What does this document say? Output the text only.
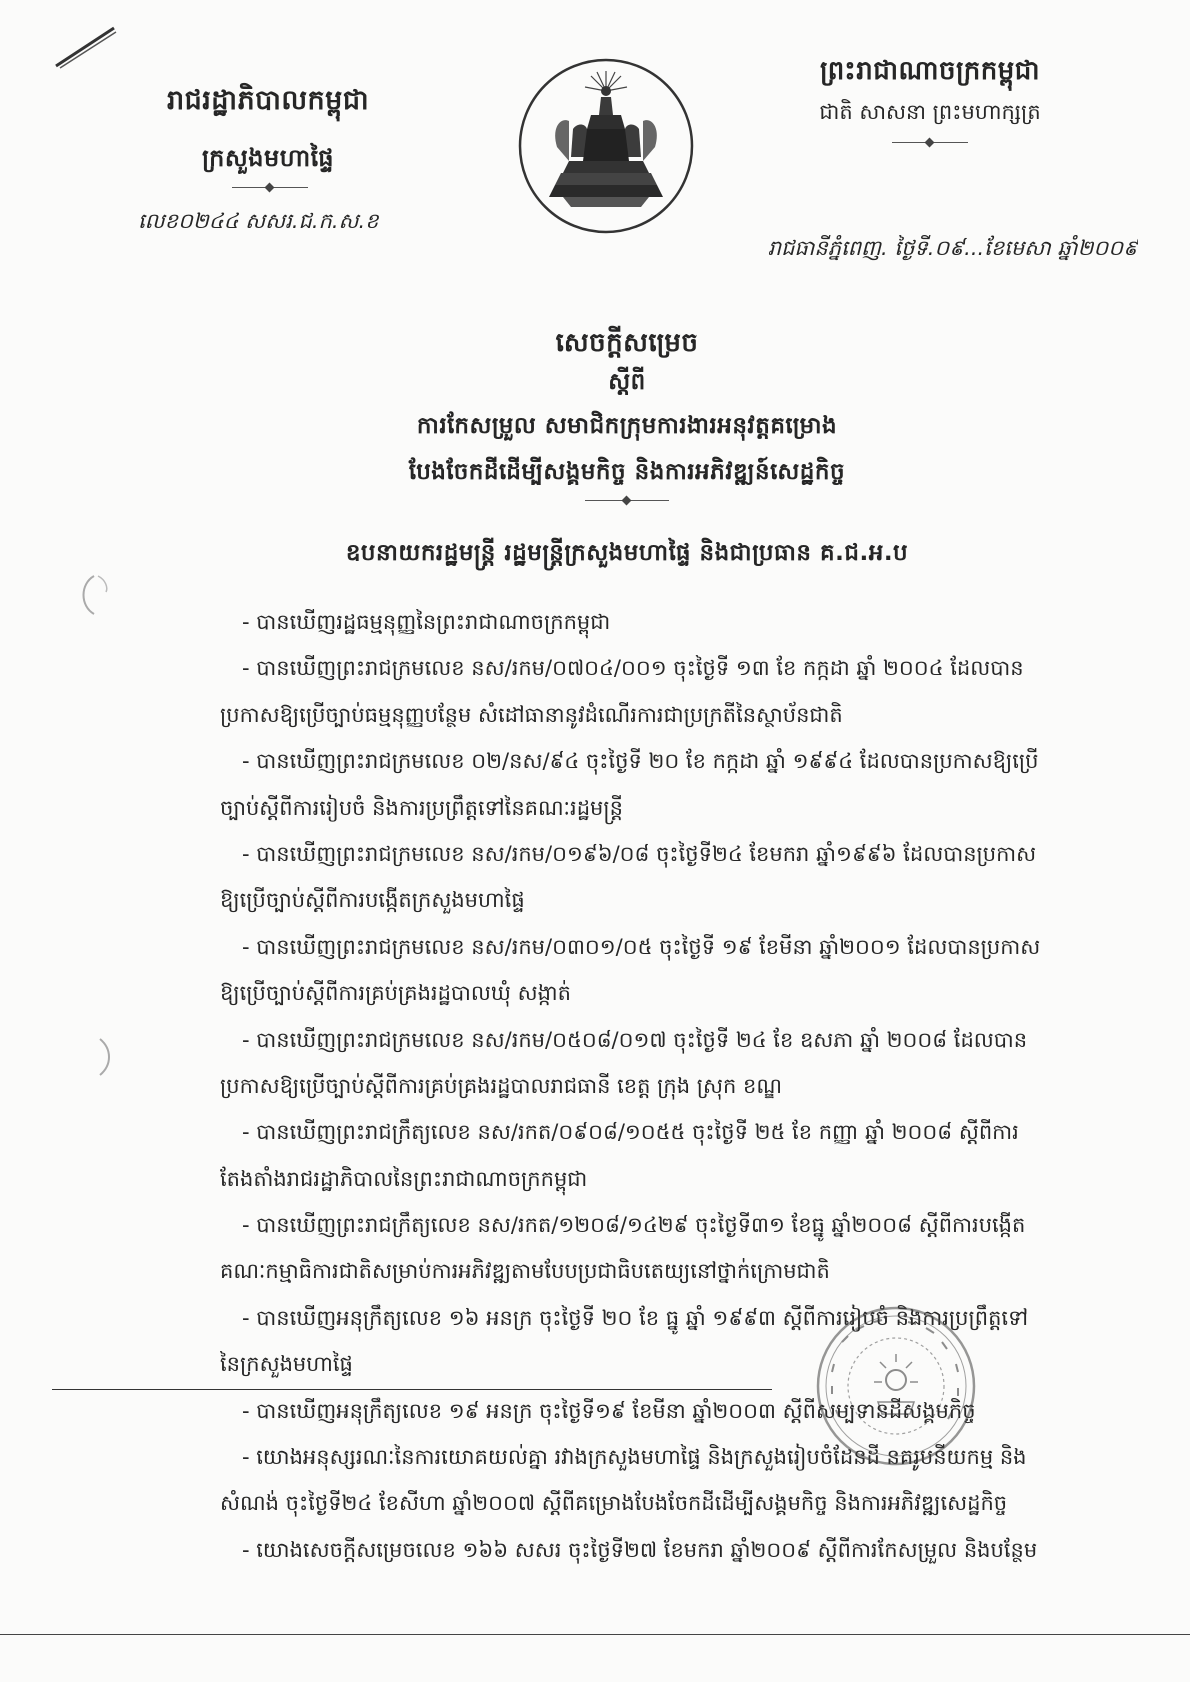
រាជរដ្ឋាភិបាលកម្ពុជា
ក្រសួងមហាផ្ទៃ
លេខ០២៤៤ សសរ.ជ.ក.ស.ខ
ព្រះរាជាណាចក្រកម្ពុជា
ជាតិ សាសនា ព្រះមហាក្សត្រ
រាជធានីភ្នំពេញ. ថ្ងៃទី.០៩...ខែមេសា ឆ្នាំ២០០៩
សេចក្តីសម្រេច
ស្តីពី
ការកែសម្រួល សមាជិកក្រុមការងារអនុវត្តគម្រោង
បែងចែកដីដើម្បីសង្គមកិច្ច និងការអភិវឌ្ឍន៍សេដ្ឋកិច្ច
ឧបនាយករដ្ឋមន្ត្រី រដ្ឋមន្ត្រីក្រសួងមហាផ្ទៃ និងជាប្រធាន គ.ជ.អ.ប
- បានឃើញរដ្ឋធម្មនុញ្ញនៃព្រះរាជាណាចក្រកម្ពុជា
- បានឃើញព្រះរាជក្រមលេខ នស/រកម/០៧០៤/០០១ ចុះថ្ងៃទី ១៣ ខែ កក្កដា ឆ្នាំ ២០០៤ ដែលបាន
ប្រកាសឱ្យប្រើច្បាប់ធម្មនុញ្ញបន្ថែម សំដៅធានានូវដំណើរការជាប្រក្រតីនៃស្ថាប័នជាតិ
- បានឃើញព្រះរាជក្រមលេខ ០២/នស/៩៤ ចុះថ្ងៃទី ២០ ខែ កក្កដា ឆ្នាំ ១៩៩៤ ដែលបានប្រកាសឱ្យប្រើ
ច្បាប់ស្តីពីការរៀបចំ និងការប្រព្រឹត្តទៅនៃគណៈរដ្ឋមន្ត្រី
- បានឃើញព្រះរាជក្រមលេខ នស/រកម/០១៩៦/០៨ ចុះថ្ងៃទី២៤ ខែមករា ឆ្នាំ១៩៩៦ ដែលបានប្រកាស
ឱ្យប្រើច្បាប់ស្តីពីការបង្កើតក្រសួងមហាផ្ទៃ
- បានឃើញព្រះរាជក្រមលេខ នស/រកម/០៣០១/០៥ ចុះថ្ងៃទី ១៩ ខែមីនា ឆ្នាំ២០០១ ដែលបានប្រកាស
ឱ្យប្រើច្បាប់ស្តីពីការគ្រប់គ្រងរដ្ឋបាលឃុំ សង្កាត់
- បានឃើញព្រះរាជក្រមលេខ នស/រកម/០៥០៨/០១៧ ចុះថ្ងៃទី ២៤ ខែ ឧសភា ឆ្នាំ ២០០៨ ដែលបាន
ប្រកាសឱ្យប្រើច្បាប់ស្តីពីការគ្រប់គ្រងរដ្ឋបាលរាជធានី ខេត្ត ក្រុង ស្រុក ខណ្ឌ
- បានឃើញព្រះរាជក្រឹត្យលេខ នស/រកត/០៩០៨/១០៥៥ ចុះថ្ងៃទី ២៥ ខែ កញ្ញា ឆ្នាំ ២០០៨ ស្តីពីការ
តែងតាំងរាជរដ្ឋាភិបាលនៃព្រះរាជាណាចក្រកម្ពុជា
- បានឃើញព្រះរាជក្រឹត្យលេខ នស/រកត/១២០៨/១៤២៩ ចុះថ្ងៃទី៣១ ខែធ្នូ ឆ្នាំ២០០៨ ស្តីពីការបង្កើត
គណៈកម្មាធិការជាតិសម្រាប់ការអភិវឌ្ឍតាមបែបប្រជាធិបតេយ្យនៅថ្នាក់ក្រោមជាតិ
- បានឃើញអនុក្រឹត្យលេខ ១៦ អនក្រ ចុះថ្ងៃទី ២០ ខែ ធ្នូ ឆ្នាំ ១៩៩៣ ស្តីពីការរៀបចំ និងការប្រព្រឹត្តទៅ
នៃក្រសួងមហាផ្ទៃ
- បានឃើញអនុក្រឹត្យលេខ ១៩ អនក្រ ចុះថ្ងៃទី១៩ ខែមីនា ឆ្នាំ២០០៣ ស្តីពីសម្បទានដីសង្គមកិច្ច
- យោងអនុស្សរណៈនៃការយោគយល់គ្នា រវាងក្រសួងមហាផ្ទៃ និងក្រសួងរៀបចំដែនដី នគរូបនីយកម្ម និង
សំណង់ ចុះថ្ងៃទី២៤ ខែសីហា ឆ្នាំ២០០៧ ស្តីពីគម្រោងបែងចែកដីដើម្បីសង្គមកិច្ច និងការអភិវឌ្ឍសេដ្ឋកិច្ច
- យោងសេចក្តីសម្រេចលេខ ១៦៦ សសរ ចុះថ្ងៃទី២៧ ខែមករា ឆ្នាំ២០០៩ ស្តីពីការកែសម្រួល និងបន្ថែម
